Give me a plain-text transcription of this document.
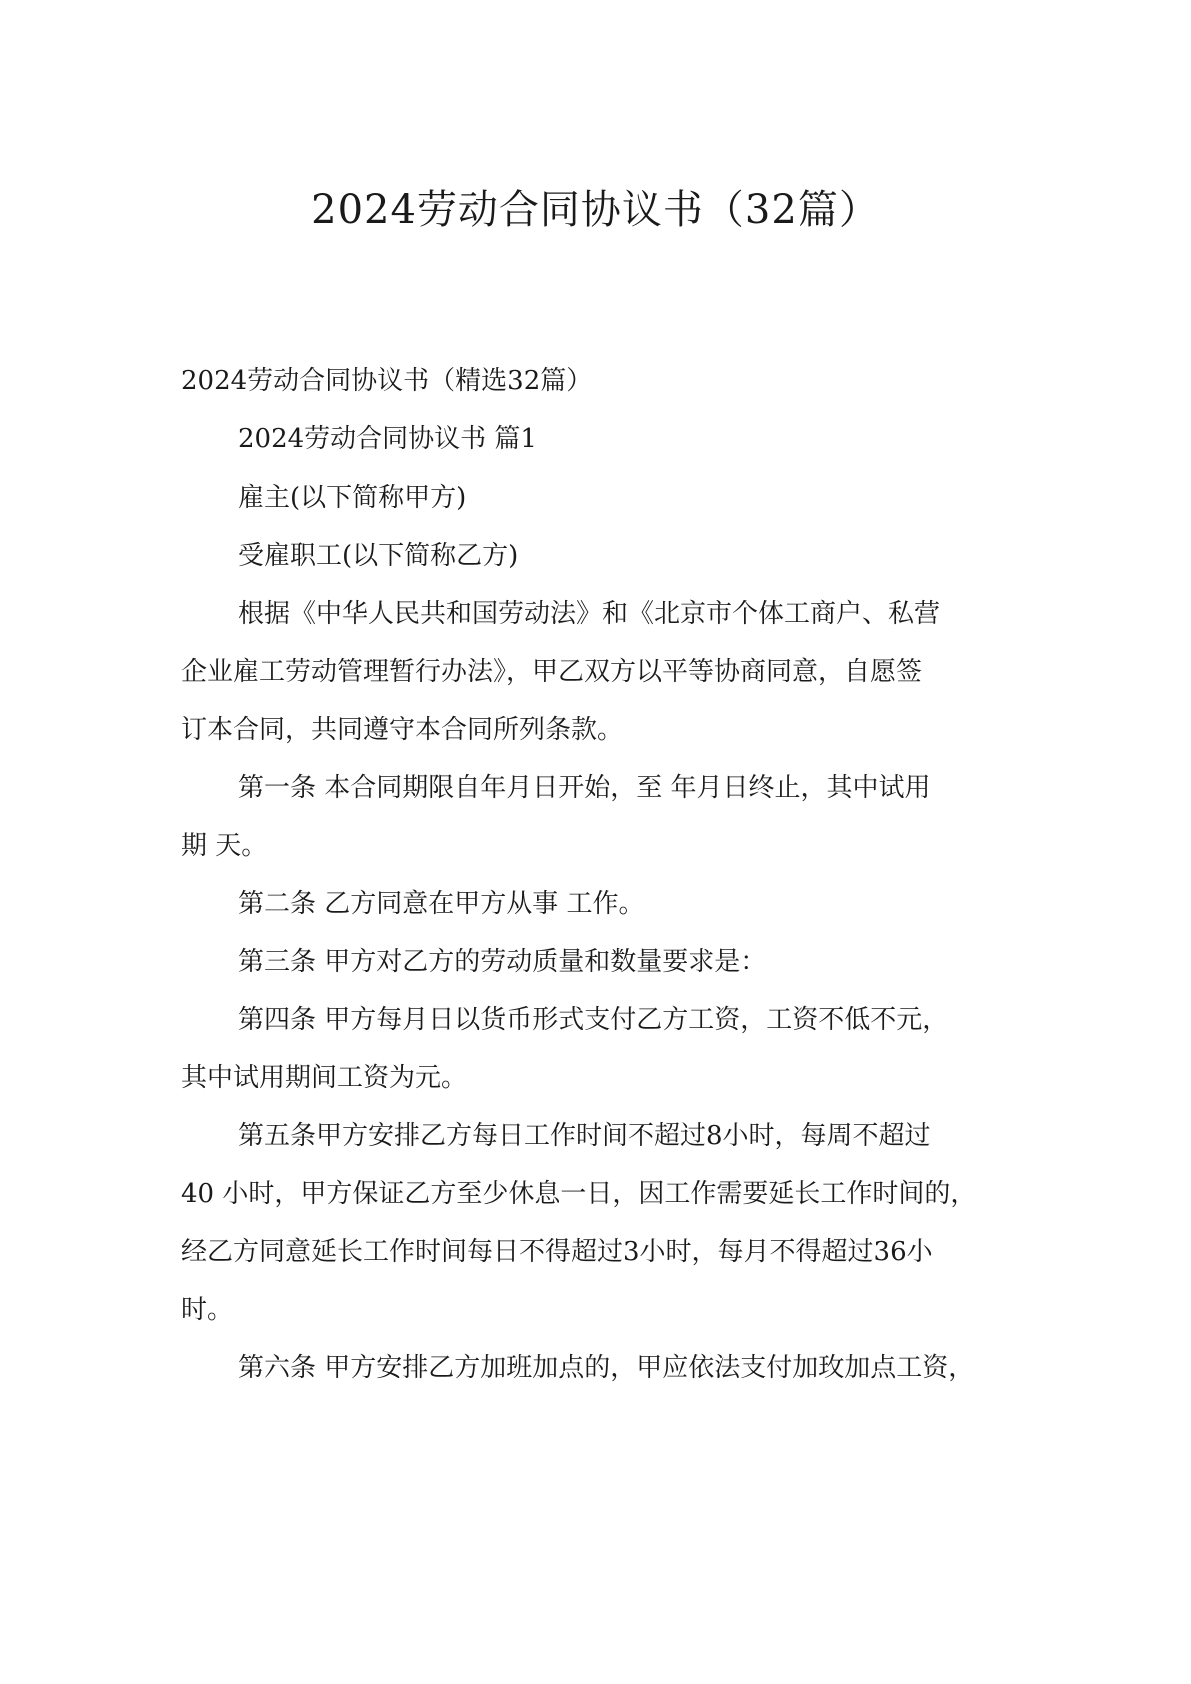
2024劳动合同协议书（32篇）
2024劳动合同协议书（精选32篇）
2024劳动合同协议书 篇1
雇主(以下简称甲方)
受雇职工(以下简称乙方)
根据《中华人民共和国劳动法》和《北京市个体工商户、私营
企业雇工劳动管理暂行办法》，甲乙双方以平等协商同意，自愿签
订本合同，共同遵守本合同所列条款。
第一条 本合同期限自年月日开始，至 年月日终止，其中试用
期 天。
第二条 乙方同意在甲方从事 工作。
第三条 甲方对乙方的劳动质量和数量要求是：
第四条 甲方每月日以货币形式支付乙方工资，工资不低不元，
其中试用期间工资为元。
第五条甲方安排乙方每日工作时间不超过8小时，每周不超过
40 小时，甲方保证乙方至少休息一日，因工作需要延长工作时间的，
经乙方同意延长工作时间每日不得超过3小时，每月不得超过36小
时。
第六条 甲方安排乙方加班加点的，甲应依法支付加玫加点工资，
